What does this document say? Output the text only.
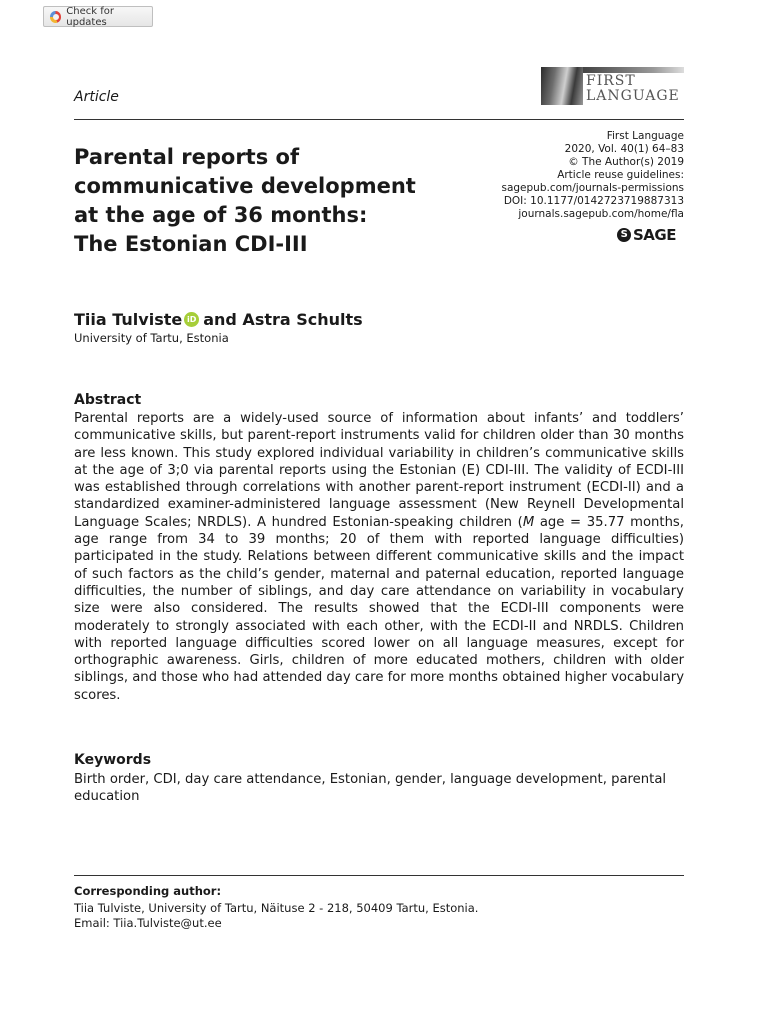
Check for updates
Article
FIRST
LANGUAGE
Parental reports of
communicative development
at the age of 36 months:
The Estonian CDI-III
First Language
2020, Vol. 40(1) 64–83
© The Author(s) 2019
Article reuse guidelines:
sagepub.com/journals-permissions
DOI: 10.1177/0142723719887313
journals.sagepub.com/home/fla
S SAGE
Tiia Tulviste iD and Astra Schults
University of Tartu, Estonia
Abstract

Parental reports are a widely-used source of information about infants’ and toddlers’ communicative skills, but parent-report instruments valid for children older than 30 months are less known. This study explored individual variability in children’s communicative skills at the age of 3;0 via parental reports using the Estonian (E) CDI-III. The validity of ECDI-III was established through correlations with another parent-report instrument (ECDI-II) and a standardized examiner-administered language assessment (New Reynell Developmental Language Scales; NRDLS). A hundred Estonian-speaking children (M age = 35.77 months, age range from 34 to 39 months; 20 of them with reported language difficulties) participated in the study. Relations between different communicative skills and the impact of such factors as the child’s gender, maternal and paternal education, reported language difficulties, the number of siblings, and day care attendance on variability in vocabulary size were also considered. The results showed that the ECDI-III components were moderately to strongly associated with each other, with the ECDI-II and NRDLS. Children with reported language difficulties scored lower on all language measures, except for orthographic awareness. Girls, children of more educated mothers, children with older siblings, and those who had attended day care for more months obtained higher vocabulary scores.

Keywords

Birth order, CDI, day care attendance, Estonian, gender, language development, parental education

Corresponding author:
Tiia Tulviste, University of Tartu, Näituse 2 - 218, 50409 Tartu, Estonia.
Email: Tiia.Tulviste@ut.ee
